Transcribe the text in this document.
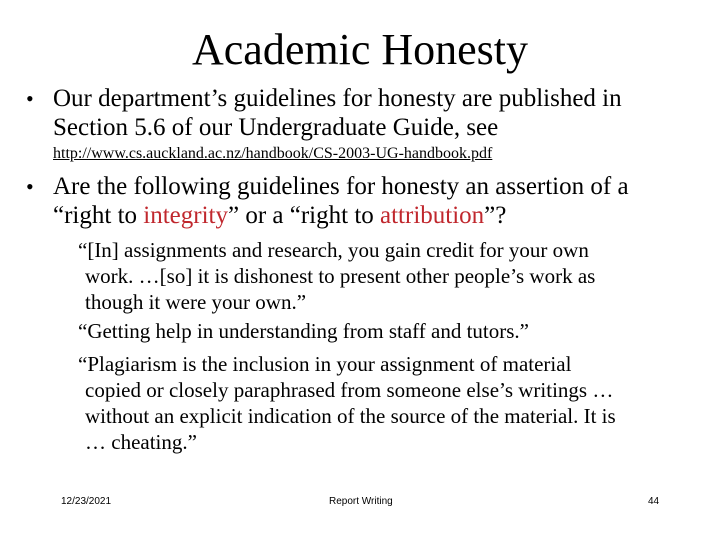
Academic Honesty
• Our department’s guidelines for honesty are published in
Section 5.6 of our Undergraduate Guide, see
http://www.cs.auckland.ac.nz/handbook/CS-2003-UG-handbook.pdf
• Are the following guidelines for honesty an assertion of a
“right to integrity” or a “right to attribution”?
“[In] assignments and research, you gain credit for your own
work. …[so] it is dishonest to present other people’s work as
though it were your own.”
“Getting help in understanding from staff and tutors.”
“Plagiarism is the inclusion in your assignment of material
copied or closely paraphrased from someone else’s writings …
without an explicit indication of the source of the material. It is
… cheating.”
12/23/2021	Report Writing	44
